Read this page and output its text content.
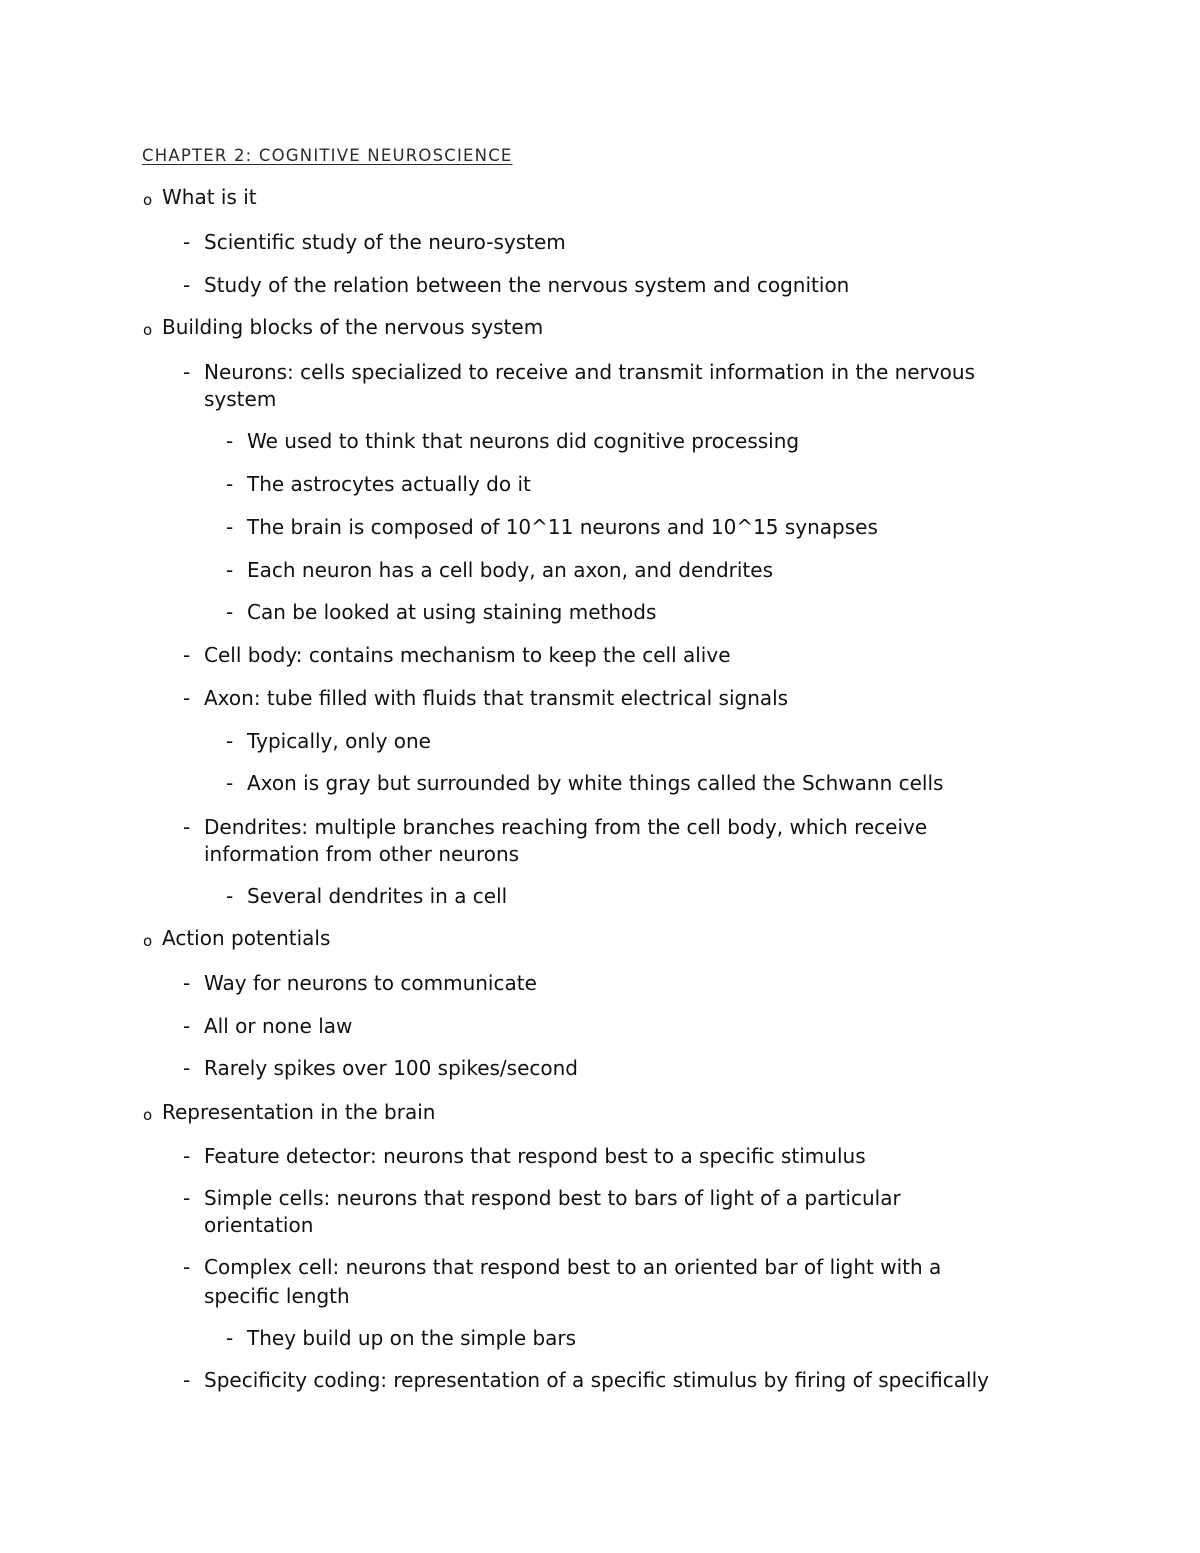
CHAPTER 2: COGNITIVE NEUROSCIENCE
o What is it
- Scientific study of the neuro-system
- Study of the relation between the nervous system and cognition
o Building blocks of the nervous system
- Neurons: cells specialized to receive and transmit information in the nervous
system
- We used to think that neurons did cognitive processing
- The astrocytes actually do it
- The brain is composed of 10^11 neurons and 10^15 synapses
- Each neuron has a cell body, an axon, and dendrites
- Can be looked at using staining methods
- Cell body: contains mechanism to keep the cell alive
- Axon: tube filled with fluids that transmit electrical signals
- Typically, only one
- Axon is gray but surrounded by white things called the Schwann cells
- Dendrites: multiple branches reaching from the cell body, which receive
information from other neurons
- Several dendrites in a cell
o Action potentials
- Way for neurons to communicate
- All or none law
- Rarely spikes over 100 spikes/second
o Representation in the brain
- Feature detector: neurons that respond best to a specific stimulus
- Simple cells: neurons that respond best to bars of light of a particular
orientation
- Complex cell: neurons that respond best to an oriented bar of light with a
specific length
- They build up on the simple bars
- Specificity coding: representation of a specific stimulus by firing of specifically
